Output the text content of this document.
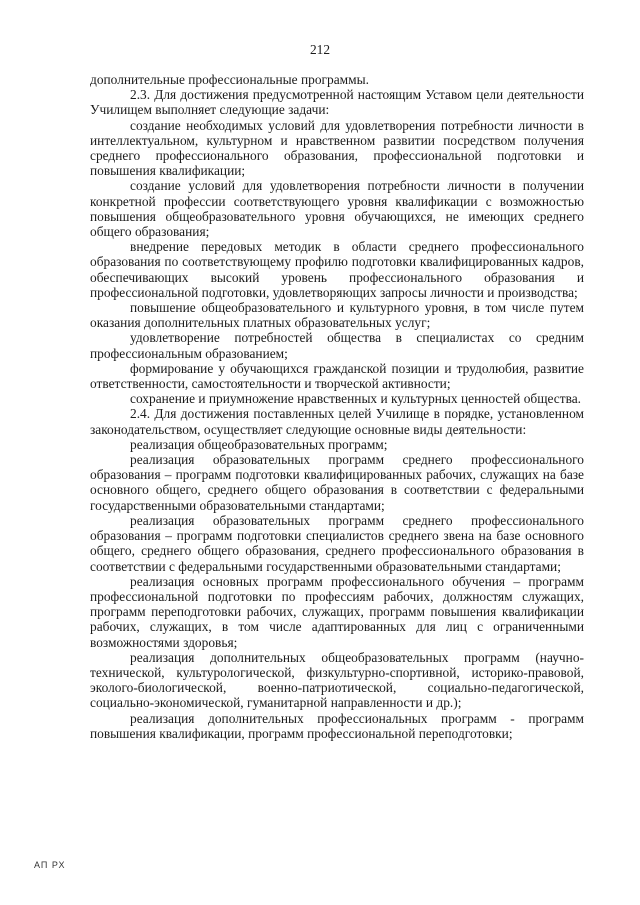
212

дополнительные профессиональные программы.

2.3. Для достижения предусмотренной настоящим Уставом цели деятельности Училищем выполняет следующие задачи:

создание необходимых условий для удовлетворения потребности личности в интеллектуальном, культурном и нравственном развитии посредством получения среднего профессионального образования, профессиональной подготовки и повышения квалификации;

создание условий для удовлетворения потребности личности в получении конкретной профессии соответствующего уровня квалификации с возможностью повышения общеобразовательного уровня обучающихся, не имеющих среднего общего образования;

внедрение передовых методик в области среднего профессионального образования по соответствующему профилю подготовки квалифицированных кадров, обеспечивающих высокий уровень профессионального образования и профессиональной подготовки, удовлетворяющих запросы личности и производства;

повышение общеобразовательного и культурного уровня, в том числе путем оказания дополнительных платных образовательных услуг;

удовлетворение потребностей общества в специалистах со средним профессиональным образованием;

формирование у обучающихся гражданской позиции и трудолюбия, развитие ответственности, самостоятельности и творческой активности;

сохранение и приумножение нравственных и культурных ценностей общества.

2.4. Для достижения поставленных целей Училище в порядке, установленном законодательством, осуществляет следующие основные виды деятельности:

реализация общеобразовательных программ;

реализация образовательных программ среднего профессионального образования – программ подготовки квалифицированных рабочих, служащих на базе основного общего, среднего общего образования в соответствии с федеральными государственными образовательными стандартами;

реализация образовательных программ среднего профессионального образования – программ подготовки специалистов среднего звена на базе основного общего, среднего общего образования, среднего профессионального образования в соответствии с федеральными государственными образовательными стандартами;

реализация основных программ профессионального обучения – программ профессиональной подготовки по профессиям рабочих, должностям служащих, программ переподготовки рабочих, служащих, программ повышения квалификации рабочих, служащих, в том числе адаптированных для лиц с ограниченными возможностями здоровья;

реализация дополнительных общеобразовательных программ (научно-технической, культурологической, физкультурно-спортивной, историко-правовой, эколого-биологической, военно-патриотической, социально-педагогической, социально-экономической, гуманитарной направленности и др.);

реализация дополнительных профессиональных программ - программ повышения квалификации, программ профессиональной переподготовки;

АП РХ
